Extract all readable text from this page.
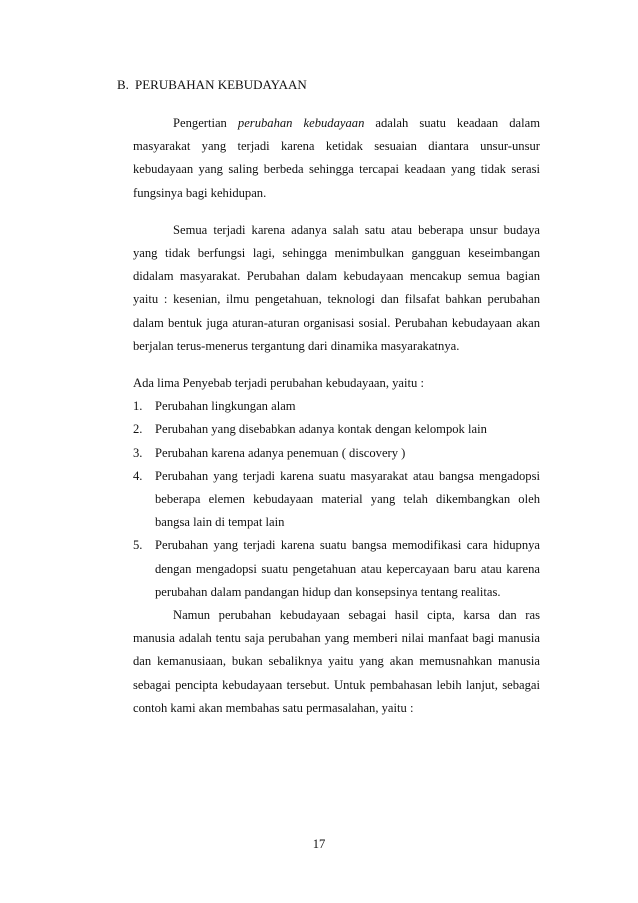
B. PERUBAHAN KEBUDAYAAN

Pengertian perubahan kebudayaan adalah suatu keadaan dalam masyarakat yang terjadi karena ketidak sesuaian diantara unsur-unsur kebudayaan yang saling berbeda sehingga tercapai keadaan yang tidak serasi fungsinya bagi kehidupan.

Semua terjadi karena adanya salah satu atau beberapa unsur budaya yang tidak berfungsi lagi, sehingga menimbulkan gangguan keseimbangan didalam masyarakat. Perubahan dalam kebudayaan mencakup semua bagian yaitu : kesenian, ilmu pengetahuan, teknologi dan filsafat bahkan perubahan dalam bentuk juga aturan-aturan organisasi sosial. Perubahan kebudayaan akan berjalan terus-menerus tergantung dari dinamika masyarakatnya.

Ada lima Penyebab terjadi perubahan kebudayaan, yaitu :

1. Perubahan lingkungan alam
2. Perubahan yang disebabkan adanya kontak dengan kelompok lain
3. Perubahan karena adanya penemuan ( discovery )
4. Perubahan yang terjadi karena suatu masyarakat atau bangsa mengadopsi beberapa elemen kebudayaan material yang telah dikembangkan oleh bangsa lain di tempat lain
5. Perubahan yang terjadi karena suatu bangsa memodifikasi cara hidupnya dengan mengadopsi suatu pengetahuan atau kepercayaan baru atau karena perubahan dalam pandangan hidup dan konsepsinya tentang realitas.

Namun perubahan kebudayaan sebagai hasil cipta, karsa dan ras manusia adalah tentu saja perubahan yang memberi nilai manfaat bagi manusia dan kemanusiaan, bukan sebaliknya yaitu yang akan memusnahkan manusia sebagai pencipta kebudayaan tersebut. Untuk pembahasan lebih lanjut, sebagai contoh kami akan membahas satu permasalahan, yaitu :

17
